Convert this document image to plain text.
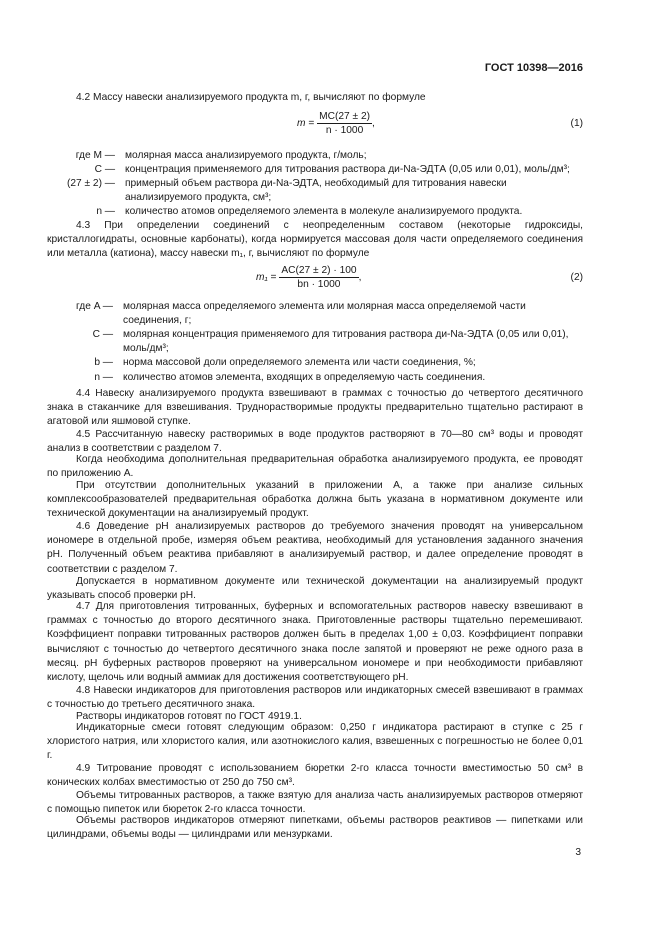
ГОСТ 10398—2016

4.2 Массу навески анализируемого продукта m, г, вычисляют по формуле

$m = \frac{MC(27 \pm 2)}{n \cdot 1000}$ ,	(1)
где M — молярная масса анализируемого продукта, г/моль;
C — концентрация применяемого для титрования раствора ди-Na-ЭДТА (0,05 или 0,01), моль/дм³;
(27 ± 2) — примерный объем раствора ди-Na-ЭДТА, необходимый для титрования навески анализируемого продукта, см³;
n — количество атомов определяемого элемента в молекуле анализируемого продукта.

4.3 При определении соединений с неопределенным составом (некоторые гидроксиды, кристаллогидраты, основные карбонаты), когда нормируется массовая доля части определяемого соединения или металла (катиона), массу навески m₁, г, вычисляют по формуле

$m_1 = \frac{AC(27 \pm 2) \cdot 100}{bn \cdot 1000}$ ,	(2)
где A — молярная масса определяемого элемента или молярная масса определяемой части соединения, г;
C — молярная концентрация применяемого для титрования раствора ди-Na-ЭДТА (0,05 или 0,01), моль/дм³;
b — норма массовой доли определяемого элемента или части соединения, %;
n — количество атомов элемента, входящих в определяемую часть соединения.

4.4 Навеску анализируемого продукта взвешивают в граммах с точностью до четвертого десятичного знака в стаканчике для взвешивания. Труднорастворимые продукты предварительно тщательно растирают в агатовой или яшмовой ступке.

4.5 Рассчитанную навеску растворимых в воде продуктов растворяют в 70—80 см³ воды и проводят анализ в соответствии с разделом 7.

Когда необходима дополнительная предварительная обработка анализируемого продукта, ее проводят по приложению А.

При отсутствии дополнительных указаний в приложении А, а также при анализе сильных комплексообразователей предварительная обработка должна быть указана в нормативном документе или технической документации на анализируемый продукт.

4.6 Доведение рН анализируемых растворов до требуемого значения проводят на универсальном иономере в отдельной пробе, измеряя объем реактива, необходимый для установления заданного значения рН. Полученный объем реактива прибавляют в анализируемый раствор, и далее определение проводят в соответствии с разделом 7.

Допускается в нормативном документе или технической документации на анализируемый продукт указывать способ проверки рН.

4.7 Для приготовления титрованных, буферных и вспомогательных растворов навеску взвешивают в граммах с точностью до второго десятичного знака. Приготовленные растворы тщательно перемешивают. Коэффициент поправки титрованных растворов должен быть в пределах 1,00 ± 0,03. Коэффициент поправки вычисляют с точностью до четвертого десятичного знака после запятой и проверяют не реже одного раза в месяц. рН буферных растворов проверяют на универсальном иономере и при необходимости прибавляют кислоту, щелочь или водный аммиак для достижения соответствующего рН.

4.8 Навески индикаторов для приготовления растворов или индикаторных смесей взвешивают в граммах с точностью до третьего десятичного знака.

Растворы индикаторов готовят по ГОСТ 4919.1.

Индикаторные смеси готовят следующим образом: 0,250 г индикатора растирают в ступке с 25 г хлористого натрия, или хлористого калия, или азотнокислого калия, взвешенных с погрешностью не более 0,01 г.

4.9 Титрование проводят с использованием бюретки 2-го класса точности вместимостью 50 см³ в конических колбах вместимостью от 250 до 750 см³.

Объемы титрованных растворов, а также взятую для анализа часть анализируемых растворов отмеряют с помощью пипеток или бюреток 2-го класса точности.

Объемы растворов индикаторов отмеряют пипетками, объемы растворов реактивов — пипетками или цилиндрами, объемы воды — цилиндрами или мензурками.

3
